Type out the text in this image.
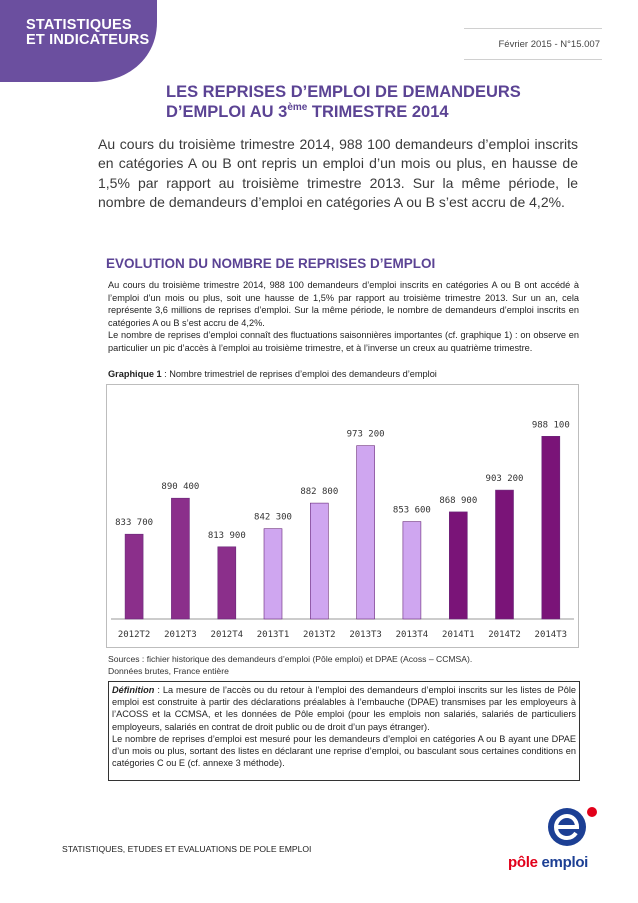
STATISTIQUES
ET INDICATEURS	Février 2015 - N°15.007
LES REPRISES D’EMPLOI DE DEMANDEURS
D’EMPLOI AU 3ème TRIMESTRE 2014
Au cours du troisième trimestre 2014, 988 100 demandeurs d’emploi inscrits en catégories A ou B ont repris un emploi d’un mois ou plus, en hausse de 1,5% par rapport au troisième trimestre 2013. Sur la même période, le nombre de demandeurs d’emploi en catégories A ou B s’est accru de 4,2%.
EVOLUTION DU NOMBRE DE REPRISES D’EMPLOI

Au cours du troisième trimestre 2014, 988 100 demandeurs d’emploi inscrits en catégories A ou B ont accédé à l’emploi d’un mois ou plus, soit une hausse de 1,5% par rapport au troisième trimestre 2013. Sur un an, cela représente 3,6 millions de reprises d’emploi. Sur la même période, le nombre de demandeurs d’emploi inscrits en catégories A ou B s’est accru de 4,2%.

Le nombre de reprises d’emploi connaît des fluctuations saisonnières importantes (cf. graphique 1) : on observe en particulier un pic d’accès à l’emploi au troisième trimestre, et à l’inverse un creux au quatrième trimestre.

Graphique 1 : Nombre trimestriel de reprises d’emploi des demandeurs d’emploi
833 700
2012T2
890 400
2012T3
813 900
2012T4
842 300
2013T1
882 800
2013T2
973 200
2013T3
853 600
2013T4
868 900
2014T1
903 200
2014T2
988 100
2014T3
Sources : fichier historique des demandeurs d’emploi (Pôle emploi) et DPAE (Acoss – CCMSA).
Données brutes, France entière

Définition : La mesure de l’accès ou du retour à l’emploi des demandeurs d’emploi inscrits sur les listes de Pôle emploi est construite à partir des déclarations préalables à l’embauche (DPAE) transmises par les employeurs à l’ACOSS et la CCMSA, et les données de Pôle emploi (pour les emplois non salariés, salariés de particuliers employeurs, salariés en contrat de droit public ou de droit d’un pays étranger).

Le nombre de reprises d’emploi est mesuré pour les demandeurs d’emploi en catégories A ou B ayant une DPAE d’un mois ou plus, sortant des listes en déclarant une reprise d’emploi, ou basculant sous certaines conditions en catégories C ou E (cf. annexe 3 méthode).

STATISTIQUES, ETUDES ET EVALUATIONS DE POLE EMPLOI
pôle emploi
